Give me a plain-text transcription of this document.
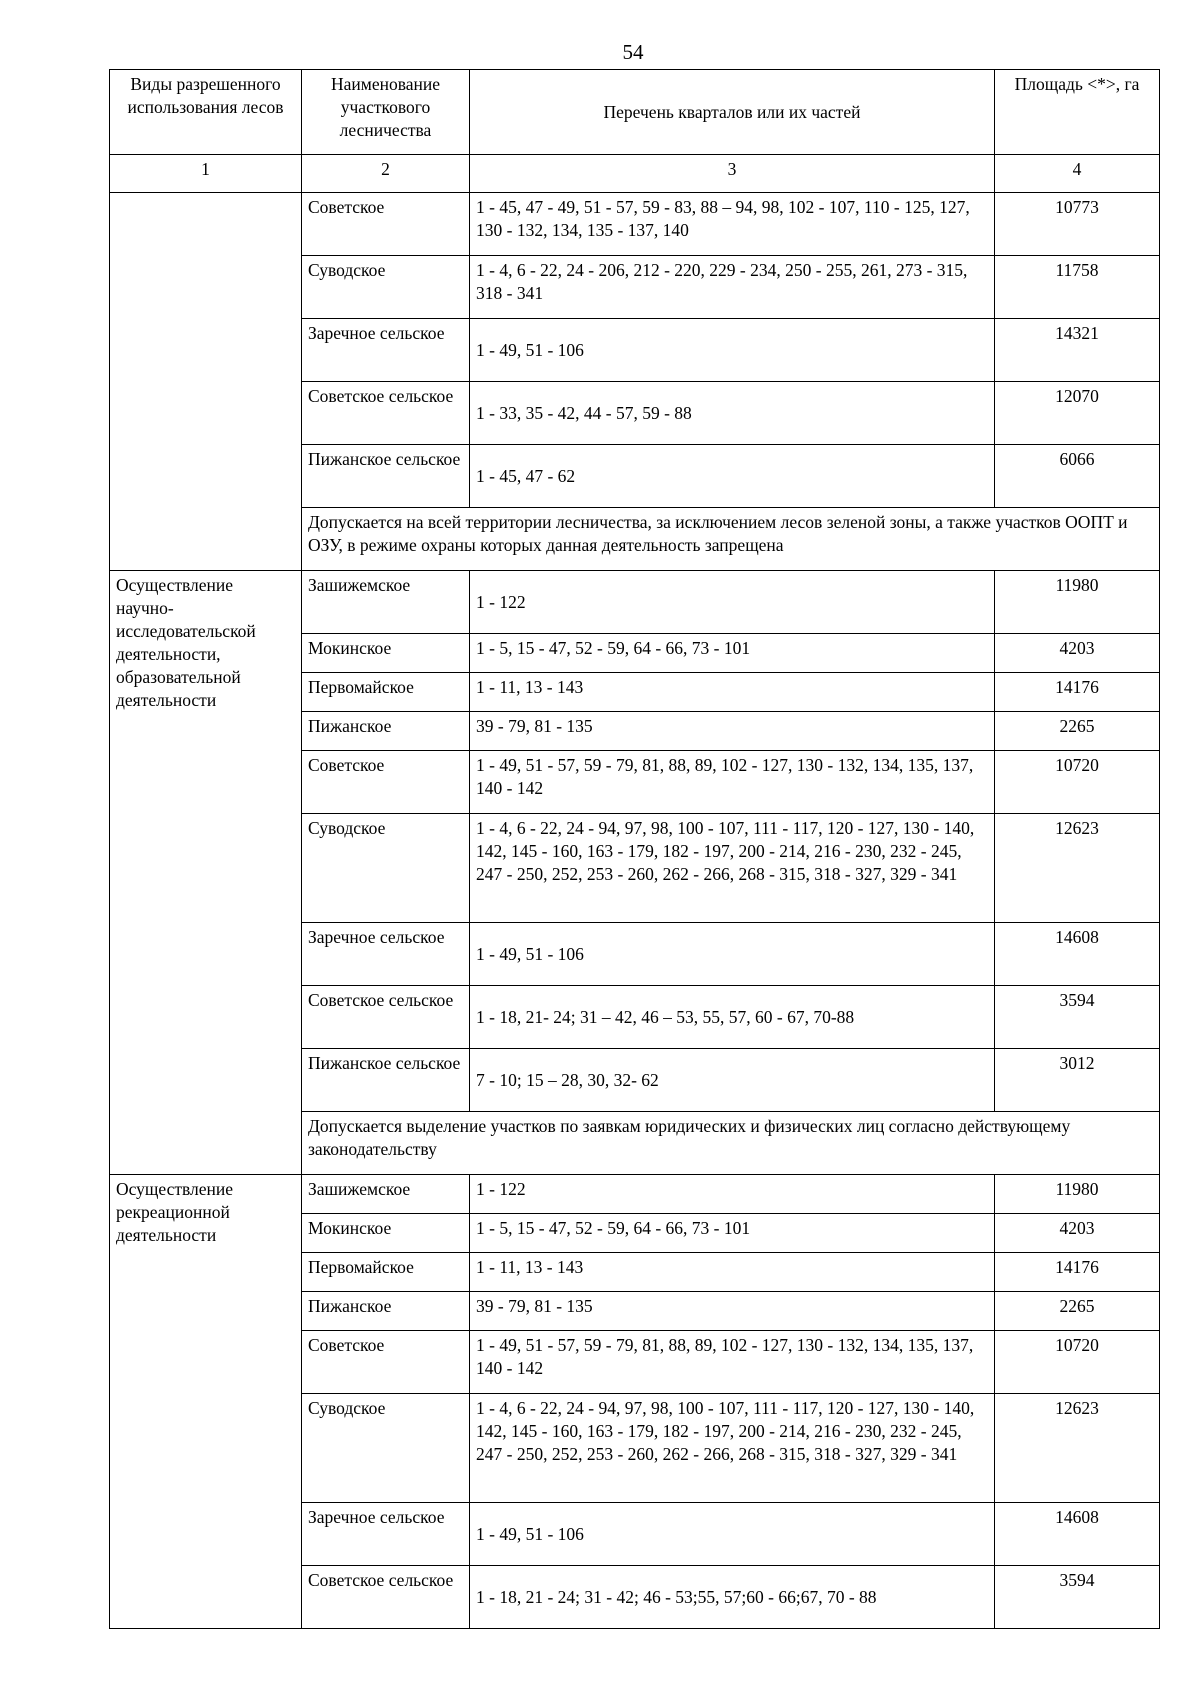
54
Виды разрешенного использования лесов	Наименование участкового лесничества	Перечень кварталов или их частей	Площадь <*>, га
1	2	3	4
	Советское	1 - 45, 47 - 49, 51 - 57, 59 - 83, 88 – 94, 98, 102 - 107, 110 - 125, 127, 130 - 132, 134, 135 - 137, 140	10773
	Суводское	1 - 4, 6 - 22, 24 - 206, 212 - 220, 229 - 234, 250 - 255, 261, 273 - 315, 318 - 341	11758
	Заречное сельское	1 - 49, 51 - 106	14321
	Советское сельское	1 - 33, 35 - 42, 44 - 57, 59 - 88	12070
	Пижанское сельское	1 - 45, 47 - 62	6066
	Допускается на всей территории лесничества, за исключением лесов зеленой зоны, а также участков ООПТ и ОЗУ, в режиме охраны которых данная деятельность запрещена		
Осуществление научно-исследовательской деятельности, образовательной деятельности	Зашижемское	1 - 122	11980
	Мокинское	1 - 5, 15 - 47, 52 - 59, 64 - 66, 73 - 101	4203
	Первомайское	1 - 11, 13 - 143	14176
	Пижанское	39 - 79, 81 - 135	2265
	Советское	1 - 49, 51 - 57, 59 - 79, 81, 88, 89, 102 - 127, 130 - 132, 134, 135, 137, 140 - 142	10720
	Суводское	1 - 4, 6 - 22, 24 - 94, 97, 98, 100 - 107, 111 - 117, 120 - 127, 130 - 140, 142, 145 - 160, 163 - 179, 182 - 197, 200 - 214, 216 - 230, 232 - 245, 247 - 250, 252, 253 - 260, 262 - 266, 268 - 315, 318 - 327, 329 - 341	12623
	Заречное сельское	1 - 49, 51 - 106	14608
	Советское сельское	1 - 18, 21- 24; 31 – 42, 46 – 53, 55, 57, 60 - 67, 70-88	3594
	Пижанское сельское	7 - 10; 15 – 28, 30, 32- 62	3012
	Допускается выделение участков по заявкам юридических и физических лиц согласно действующему законодательству		
Осуществление рекреационной деятельности	Зашижемское	1 - 122	11980
	Мокинское	1 - 5, 15 - 47, 52 - 59, 64 - 66, 73 - 101	4203
	Первомайское	1 - 11, 13 - 143	14176
	Пижанское	39 - 79, 81 - 135	2265
	Советское	1 - 49, 51 - 57, 59 - 79, 81, 88, 89, 102 - 127, 130 - 132, 134, 135, 137, 140 - 142	10720
	Суводское	1 - 4, 6 - 22, 24 - 94, 97, 98, 100 - 107, 111 - 117, 120 - 127, 130 - 140, 142, 145 - 160, 163 - 179, 182 - 197, 200 - 214, 216 - 230, 232 - 245, 247 - 250, 252, 253 - 260, 262 - 266, 268 - 315, 318 - 327, 329 - 341	12623
	Заречное сельское	1 - 49, 51 - 106	14608
	Советское сельское	1 - 18, 21 - 24; 31 - 42; 46 - 53;55, 57;60 - 66;67, 70 - 88	3594
